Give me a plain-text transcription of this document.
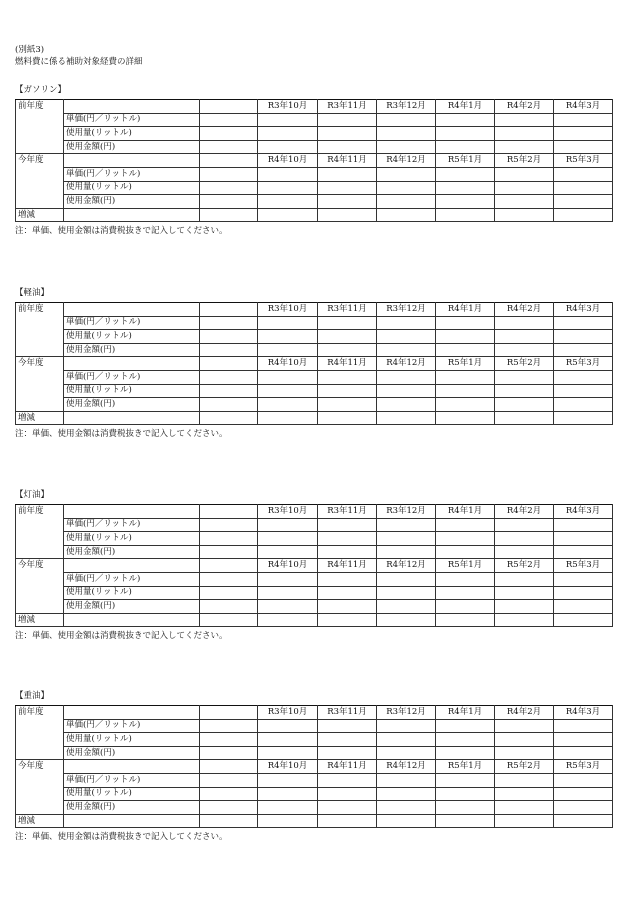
(別紙3)
燃料費に係る補助対象経費の詳細
【ガソリン】
前年度			R3年10月	R3年11月	R3年12月	R4年1月	R4年2月	R4年3月
	単価(円／リットル)							
	使用量(リットル)							
	使用金額(円)							
今年度			R4年10月	R4年11月	R4年12月	R5年1月	R5年2月	R5年3月
	単価(円／リットル)							
	使用量(リットル)							
	使用金額(円)							
増減								
注：単価、使用金額は消費税抜きで記入してください。
【軽油】
前年度			R3年10月	R3年11月	R3年12月	R4年1月	R4年2月	R4年3月
	単価(円／リットル)							
	使用量(リットル)							
	使用金額(円)							
今年度			R4年10月	R4年11月	R4年12月	R5年1月	R5年2月	R5年3月
	単価(円／リットル)							
	使用量(リットル)							
	使用金額(円)							
増減								
注：単価、使用金額は消費税抜きで記入してください。
【灯油】
前年度			R3年10月	R3年11月	R3年12月	R4年1月	R4年2月	R4年3月
	単価(円／リットル)							
	使用量(リットル)							
	使用金額(円)							
今年度			R4年10月	R4年11月	R4年12月	R5年1月	R5年2月	R5年3月
	単価(円／リットル)							
	使用量(リットル)							
	使用金額(円)							
増減								
注：単価、使用金額は消費税抜きで記入してください。
【重油】
前年度			R3年10月	R3年11月	R3年12月	R4年1月	R4年2月	R4年3月
	単価(円／リットル)							
	使用量(リットル)							
	使用金額(円)							
今年度			R4年10月	R4年11月	R4年12月	R5年1月	R5年2月	R5年3月
	単価(円／リットル)							
	使用量(リットル)							
	使用金額(円)							
増減								
注：単価、使用金額は消費税抜きで記入してください。
